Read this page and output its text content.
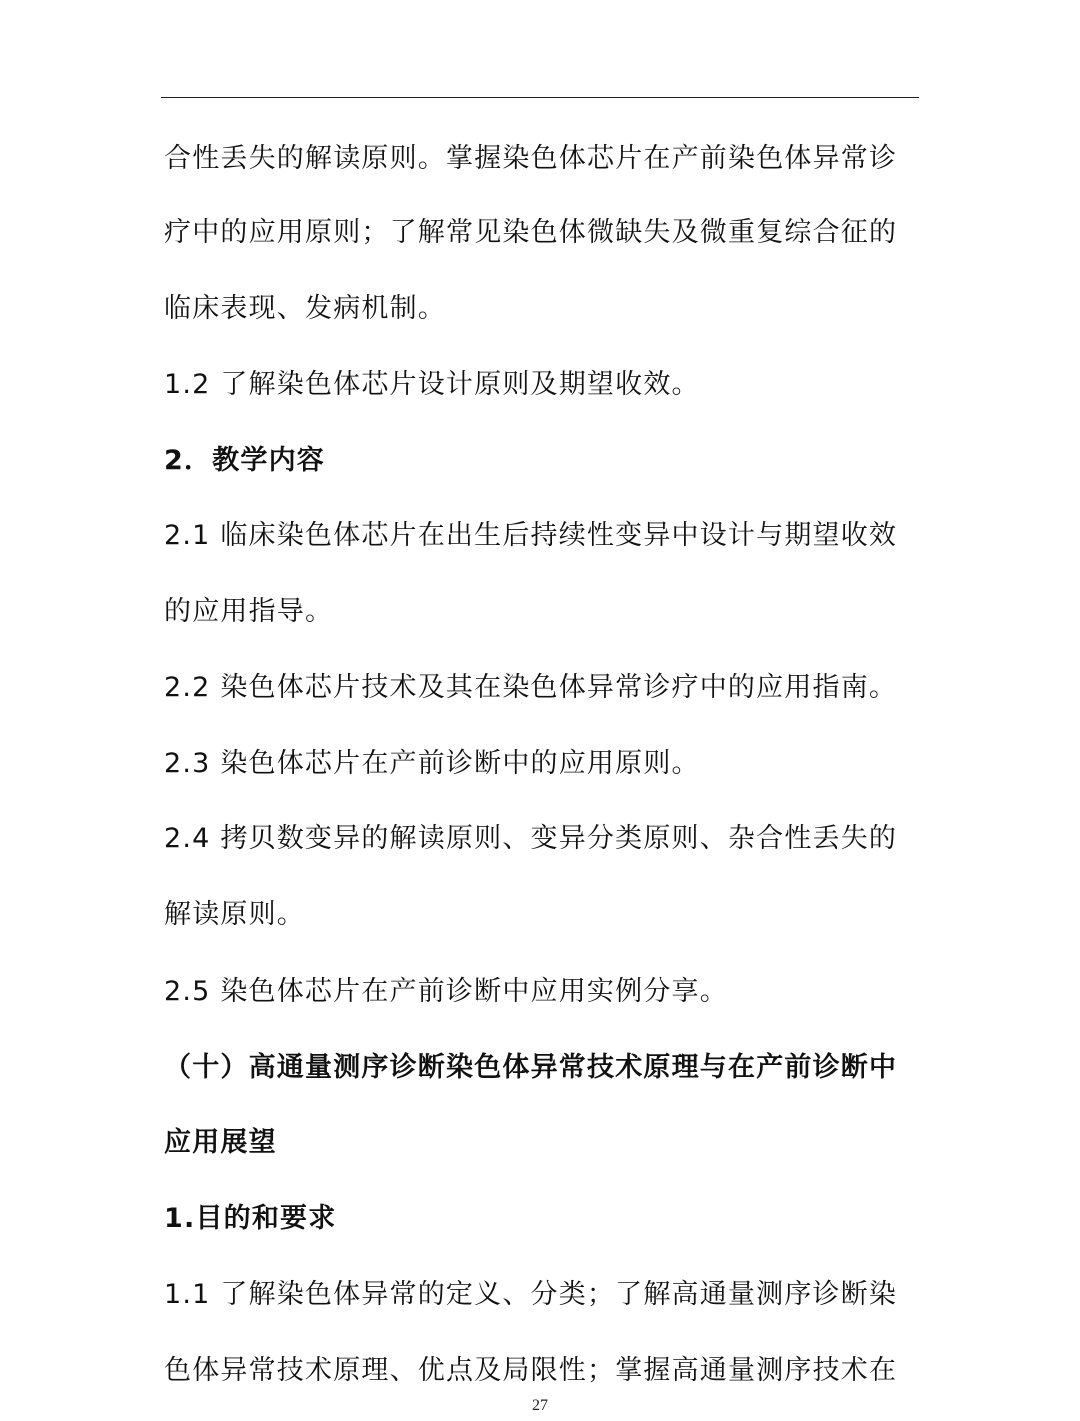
合性丢失的解读原则。掌握染色体芯片在产前染色体异常诊
疗中的应用原则；了解常见染色体微缺失及微重复综合征的
临床表现、发病机制。
1.2 了解染色体芯片设计原则及期望收效。
2．教学内容
2.1 临床染色体芯片在出生后持续性变异中设计与期望收效
的应用指导。
2.2 染色体芯片技术及其在染色体异常诊疗中的应用指南。
2.3 染色体芯片在产前诊断中的应用原则。
2.4 拷贝数变异的解读原则、变异分类原则、杂合性丢失的
解读原则。
2.5 染色体芯片在产前诊断中应用实例分享。
（十）高通量测序诊断染色体异常技术原理与在产前诊断中
应用展望
1.目的和要求
1.1 了解染色体异常的定义、分类；了解高通量测序诊断染
色体异常技术原理、优点及局限性；掌握高通量测序技术在
27
